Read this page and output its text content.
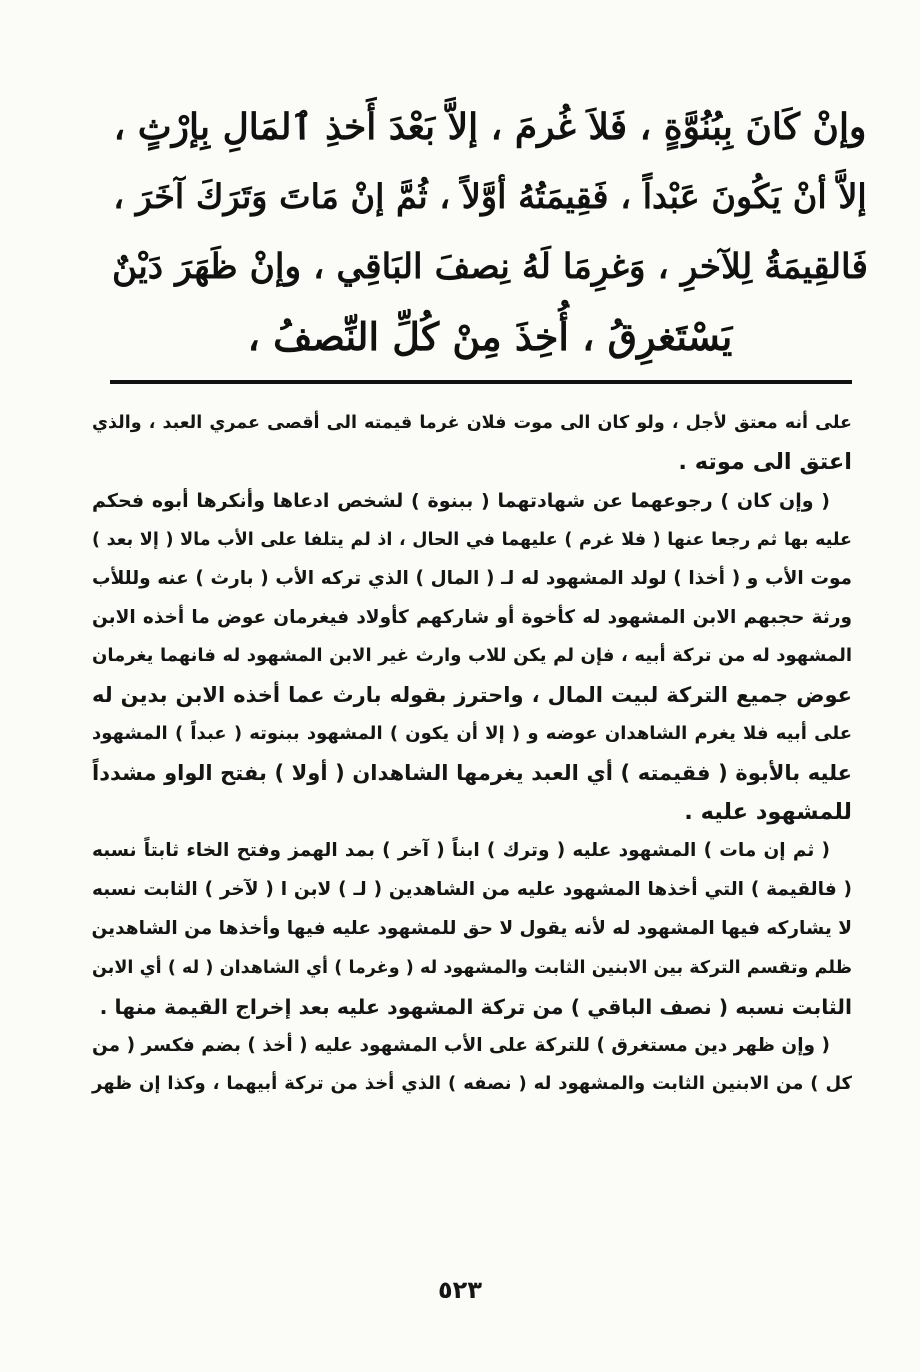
وإنْ كَانَ بِبُنُوَّةٍ ، فَلاَ غُرمَ ، إلاَّ بَعْدَ أَخذِ ٱلمَالِ بِإرْثٍ ،
إلاَّ أنْ يَكُونَ عَبْداً ، فَقِيمَتُهُ أوَّلاً ، ثُمَّ إنْ مَاتَ وَتَرَكَ آخَرَ ،
فَالقِيمَةُ لِلآخرِ ، وَغرِمَا لَهُ نِصفَ البَاقِي ، وإنْ ظَهَرَ دَيْنٌ
يَسْتَغرِقُ ، أُخِذَ مِنْ كُلِّ النِّصفُ ،

على أنه معتق لأجل ، ولو كان الى موت فلان غرما قيمته الى أقصى عمري العبد ، والذي
اعتق الى موته .

( وإن كان ) رجوعهما عن شهادتهما ( ببنوة ) لشخص ادعاها وأنكرها أبوه فحكم
عليه بها ثم رجعا عنها ( فلا غرم ) عليهما في الحال ، اذ لم يتلفا على الأب مالا ( إلا بعد )
موت الأب و ( أخذا ) لولد المشهود له لـ ( المال ) الذي تركه الأب ( بارث ) عنه ولللأب
ورثة حجبهم الابن المشهود له كأخوة أو شاركهم كأولاد فيغرمان عوض ما أخذه الابن
المشهود له من تركة أبيه ، فإن لم يكن للاب وارث غير الابن المشهود له فانهما يغرمان
عوض جميع التركة لبيت المال ، واحترز بقوله بارث عما أخذه الابن بدين له
على أبيه فلا يغرم الشاهدان عوضه و ( إلا أن يكون ) المشهود ببنوته ( عبداً ) المشهود
عليه بالأبوة ( فقيمته ) أي العبد يغرمها الشاهدان ( أولا ) بفتح الواو مشدداً
للمشهود عليه .

( ثم إن مات ) المشهود عليه ( وترك ) ابناً ( آخر ) بمد الهمز وفتح الخاء ثابتاً نسبه
( فالقيمة ) التي أخذها المشهود عليه من الشاهدين ( لـ ) لابن ا ( لآخر ) الثابت نسبه
لا يشاركه فيها المشهود له لأنه يقول لا حق للمشهود عليه فيها وأخذها من الشاهدين
ظلم وتقسم التركة بين الابنين الثابت والمشهود له ( وغرما ) أي الشاهدان ( له ) أي الابن
الثابت نسبه ( نصف الباقي ) من تركة المشهود عليه بعد إخراج القيمة منها .

( وإن ظهر دين مستغرق ) للتركة على الأب المشهود عليه ( أخذ ) بضم فكسر ( من
كل ) من الابنين الثابت والمشهود له ( نصفه ) الذي أخذ من تركة أبيهما ، وكذا إن ظهر

٥٢٣
